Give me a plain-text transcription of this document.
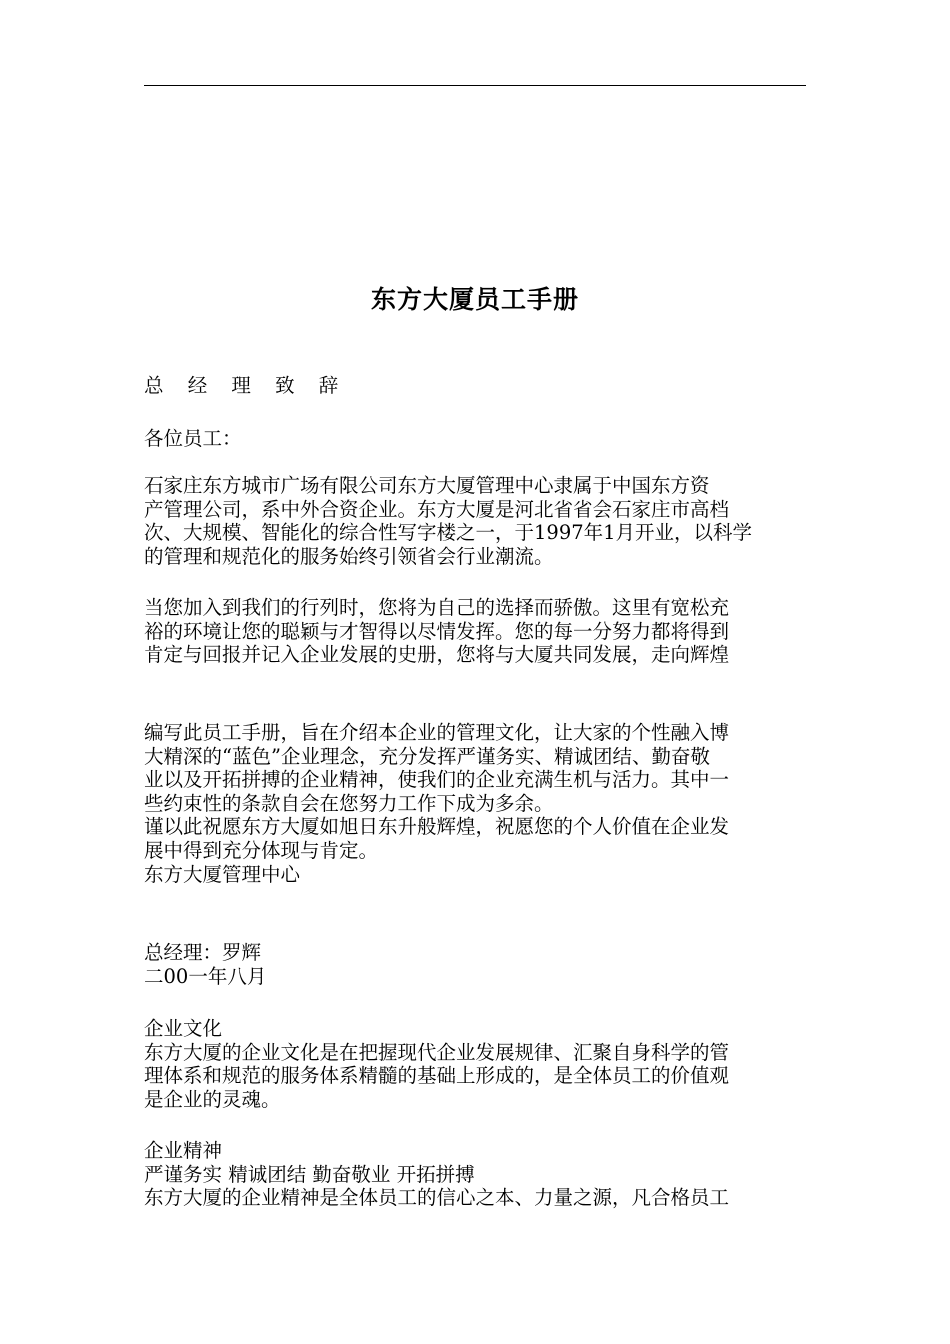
东方大厦员工手册
总 经 理 致 辞
各位员工：
石家庄东方城市广场有限公司东方大厦管理中心隶属于中国东方资
产管理公司，系中外合资企业。东方大厦是河北省省会石家庄市高档
次、大规模、智能化的综合性写字楼之一，于1997年1月开业，以科学
的管理和规范化的服务始终引领省会行业潮流。
当您加入到我们的行列时，您将为自己的选择而骄傲。这里有宽松充
裕的环境让您的聪颖与才智得以尽情发挥。您的每一分努力都将得到
肯定与回报并记入企业发展的史册，您将与大厦共同发展，走向辉煌
编写此员工手册，旨在介绍本企业的管理文化，让大家的个性融入博
大精深的“蓝色”企业理念，充分发挥严谨务实、精诚团结、勤奋敬
业以及开拓拼搏的企业精神，使我们的企业充满生机与活力。其中一
些约束性的条款自会在您努力工作下成为多余。
谨以此祝愿东方大厦如旭日东升般辉煌，祝愿您的个人价值在企业发
展中得到充分体现与肯定。
东方大厦管理中心
总经理：罗辉
二00一年八月
企业文化
东方大厦的企业文化是在把握现代企业发展规律、汇聚自身科学的管
理体系和规范的服务体系精髓的基础上形成的，是全体员工的价值观
是企业的灵魂。
企业精神
严谨务实 精诚团结 勤奋敬业 开拓拼搏
东方大厦的企业精神是全体员工的信心之本、力量之源，凡合格员工
